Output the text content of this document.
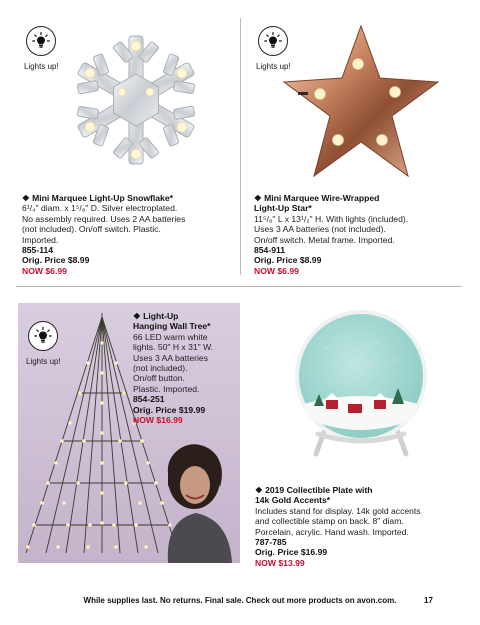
Lights up!
❖ Mini Marquee Light-Up Snowflake*
6¹/₄" diam. x 1⁵/₈" D. Silver electroplated.
No assembly required. Uses 2 AA batteries
(not included). On/off switch. Plastic.
Imported.
855-114
Orig. Price $8.99
NOW $6.99
Lights up!
❖ Mini Marquee Wire-Wrapped
Light-Up Star*
11⁵/₈" L x 13¹/₂" H. With lights (included).
Uses 3 AA batteries (not included).
On/off switch. Metal frame. Imported.
854-911
Orig. Price $8.99
NOW $6.99
Lights up!
❖ Light-Up
Hanging Wall Tree*
66 LED warm white
lights. 50" H x 31" W.
Uses 3 AA batteries
(not included).
On/off button.
Plastic. Imported.
854-251
Orig. Price $19.99
NOW $16.99
❖ 2019 Collectible Plate with
14k Gold Accents*
Includes stand for display. 14k gold accents
and collectible stamp on back. 8" diam.
Porcelain, acrylic. Hand wash. Imported.
787-785
Orig. Price $16.99
NOW $13.99
While supplies last. No returns. Final sale. Check out more products on avon.com.	17
